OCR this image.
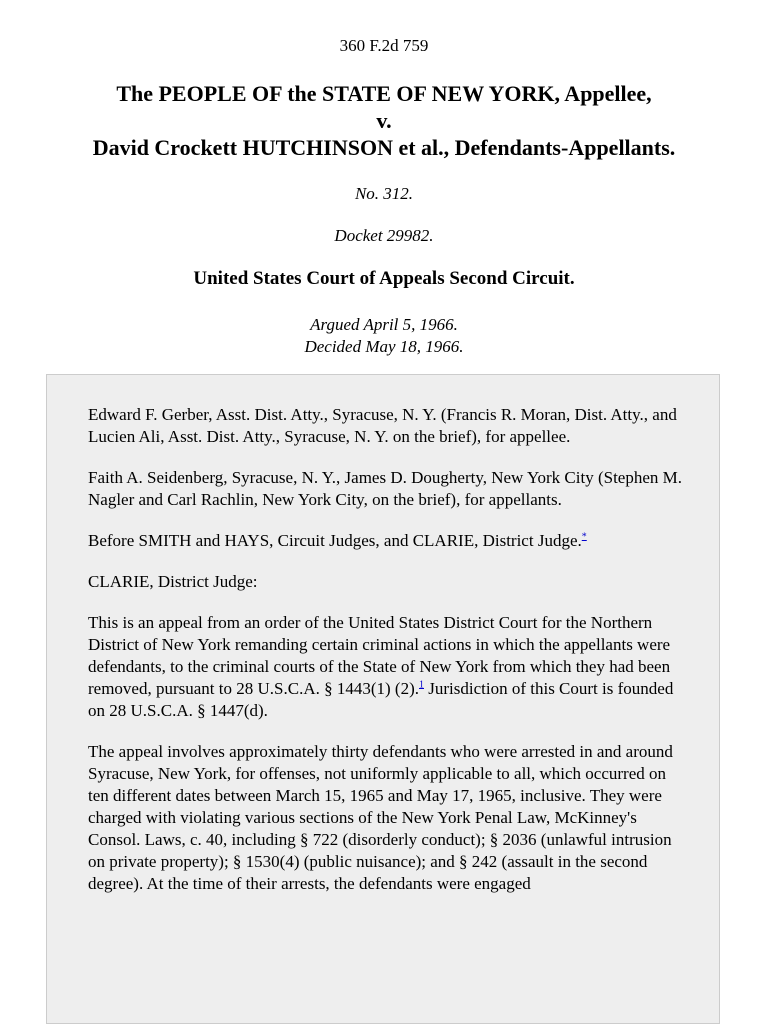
360 F.2d 759
The PEOPLE OF the STATE OF NEW YORK, Appellee,
v.
David Crockett HUTCHINSON et al., Defendants-Appellants.
No. 312.
Docket 29982.
United States Court of Appeals Second Circuit.
Argued April 5, 1966.
Decided May 18, 1966.

Edward F. Gerber, Asst. Dist. Atty., Syracuse, N. Y. (Francis R. Moran, Dist. Atty., and Lucien Ali, Asst. Dist. Atty., Syracuse, N. Y. on the brief), for appellee.

Faith A. Seidenberg, Syracuse, N. Y., James D. Dougherty, New York City (Stephen M. Nagler and Carl Rachlin, New York City, on the brief), for appellants.

Before SMITH and HAYS, Circuit Judges, and CLARIE, District Judge.*

CLARIE, District Judge:

This is an appeal from an order of the United States District Court for the Northern District of New York remanding certain criminal actions in which the appellants were defendants, to the criminal courts of the State of New York from which they had been removed, pursuant to 28 U.S.C.A. § 1443(1) (2).$^1$ Jurisdiction of this Court is founded on 28 U.S.C.A. § 1447(d).

The appeal involves approximately thirty defendants who were arrested in and around Syracuse, New York, for offenses, not uniformly applicable to all, which occurred on ten different dates between March 15, 1965 and May 17, 1965, inclusive. They were charged with violating various sections of the New York Penal Law, McKinney's Consol. Laws, c. 40, including § 722 (disorderly conduct); § 2036 (unlawful intrusion on private property); § 1530(4) (public nuisance); and § 242 (assault in the second degree). At the time of their arrests, the defendants were engaged
